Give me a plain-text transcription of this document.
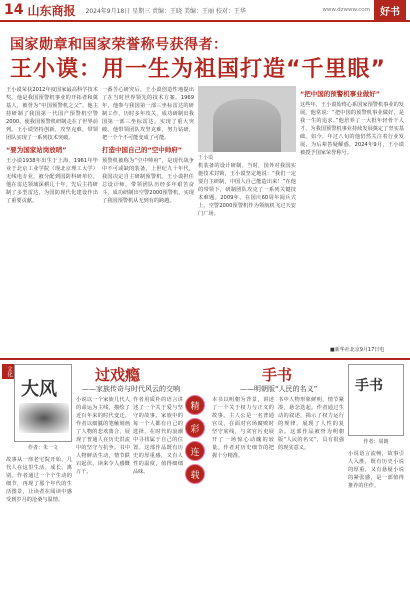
14 山东商报 2024年9月18日 星期三 责编：王晓 美编：王丽 校对：王华	www.dzwww.com	好书
国家勋章和国家荣誉称号获得者：
王小谟：用一生为祖国打造“千里眼”

王小谟荣获2012年度国家最高科学技术奖。他是我国预警机事业的开拓者和奠基人，被誉为“中国预警机之父”。他主持研制了我国第一代国产预警机空警2000，使我国预警机研制走在了世界前列。王小谟坚持创新，攻坚克难，带领团队实现了一系列技术突破。

“要为国家站岗放哨”

王小谟1938年出生于上海，1961年毕业于北京工业学院（现北京理工大学）无线电专业，被分配到国防科研单位。他在雷达领域深耕几十年，先后主持研制了多型雷达，为国防现代化建设作出了重要贡献。

一番苦心研究后，王小谟创造性地提出了在当时世界领先的技术方案。1969年，他参与我国第一部三坐标雷达的研制工作，历时多年攻关，成功研制出我国第一部三坐标雷达，实现了重大突破。他带领团队攻坚克难，努力钻研，把一个个不可能变成了可能。

打造中国自己的“空中帅府”

预警机被称为“空中帅府”，是现代战争中不可或缺的装备。上世纪九十年代，我国决定自主研制预警机。王小谟担任总设计师，带领团队历经多年艰苦奋斗，成功研制出空警2000预警机，实现了我国预警机从无到有的跨越。

王小谟

机装备的设计研制。当时，国外对我国实施技术封锁，王小谟坚定地说：“我们一定要自主研制，中国人自己能造出来！”在他的带领下，研制团队攻克了一系列关键技术难题。2009年，在国庆60周年阅兵式上，空警2000预警机作为领航机飞过天安门广场。

“把中国的预警机事业做好”

这些年，王小谟始终心系国家预警机事业的发展。他常说：“把中国的预警机事业做好，是我一生的追求。”他培养了一大批年轻骨干人才，为我国预警机事业持续发展奠定了坚实基础。如今，年过八旬的他仍然关注着行业发展，为后辈答疑解惑。2024年9月，王小谟被授予国家荣誉称号。

■新华社北京9月17日电
文化
大风
作者：朱一文
过戏瘾
——家族传奇与时代风云的交响

小说以一个家族几代人的命运为主线，描绘了近百年来的时代变迁。作者以细腻的笔触刻画了人物的悲欢离合，展现了普通人在历史洪流中的坚守与抗争。书中人物鲜活生动，情节跌宕起伏，读来令人感慨万千。

作者用质朴的语言讲述了一个关于爱与坚守的故事。家族中的每一个人都有自己的选择，在时代的浪潮中寻找属于自己的位置。这部作品既有历史的厚重感，又有人性的温度，值得细细品味。

故事从一座老宅院开始，几代人在这里生活、成长、离别。作者通过一个个生动的细节，再现了那个年代的生活图景，让读者在阅读中感受到岁月的沧桑与温情。

精
彩
连
载
手书
——明朝版“人民的名义”	手书
作者：周朗

本书以明朝为背景，讲述了一个关于权力与正义的故事。主人公是一名普通官员，在面对官场腐败时坚守底线，与贪官污吏展开了一场惊心动魄的较量。作者对历史细节的把握十分精准。

书中人物形象鲜明，情节紧凑，悬念迭起。作者通过生动的叙述，揭示了权力运行的规律，展现了人性的复杂。这部作品被誉为明朝版“人民的名义”，具有很强的现实意义。

小说语言流畅，故事引人入胜，既有历史小说的厚重，又有悬疑小说的紧张感，是一部值得推荐的佳作。
